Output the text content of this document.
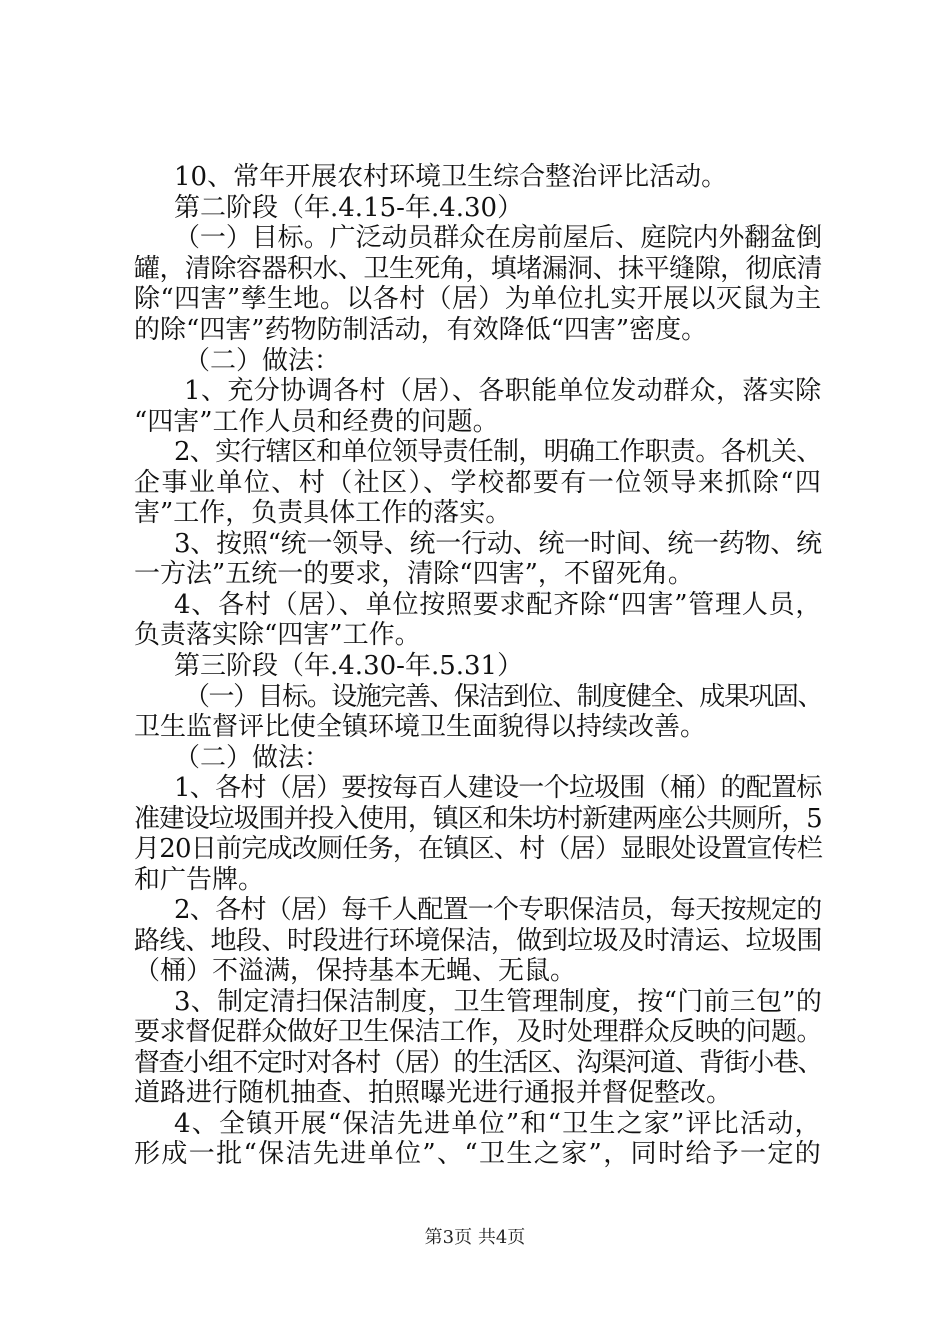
10、常年开展农村环境卫生综合整治评比活动。
第二阶段（年.4.15-年.4.30）
（一）目标。广泛动员群众在房前屋后、庭院内外翻盆倒
罐，清除容器积水、卫生死角，填堵漏洞、抹平缝隙，彻底清
除“四害”孳生地。以各村（居）为单位扎实开展以灭鼠为主
的除“四害”药物防制活动，有效降低“四害”密度。
（二）做法：
1、充分协调各村（居）、各职能单位发动群众，落实除
“四害”工作人员和经费的问题。
2、实行辖区和单位领导责任制，明确工作职责。各机关、
企事业单位、村（社区）、学校都要有一位领导来抓除“四
害”工作，负责具体工作的落实。
3、按照“统一领导、统一行动、统一时间、统一药物、统
一方法”五统一的要求，清除“四害”，不留死角。
4、各村（居）、单位按照要求配齐除“四害”管理人员，
负责落实除“四害”工作。
第三阶段（年.4.30-年.5.31）
（一）目标。设施完善、保洁到位、制度健全、成果巩固、
卫生监督评比使全镇环境卫生面貌得以持续改善。
（二）做法：
1、各村（居）要按每百人建设一个垃圾围（桶）的配置标
准建设垃圾围并投入使用，镇区和朱坊村新建两座公共厕所，5
月20日前完成改厕任务，在镇区、村（居）显眼处设置宣传栏
和广告牌。
2、各村（居）每千人配置一个专职保洁员，每天按规定的
路线、地段、时段进行环境保洁，做到垃圾及时清运、垃圾围
（桶）不溢满，保持基本无蝇、无鼠。
3、制定清扫保洁制度，卫生管理制度，按“门前三包”的
要求督促群众做好卫生保洁工作，及时处理群众反映的问题。
督查小组不定时对各村（居）的生活区、沟渠河道、背街小巷、
道路进行随机抽查、拍照曝光进行通报并督促整改。
4、全镇开展“保洁先进单位”和“卫生之家”评比活动，
形成一批“保洁先进单位”、“卫生之家”，同时给予一定的
第3页 共4页
